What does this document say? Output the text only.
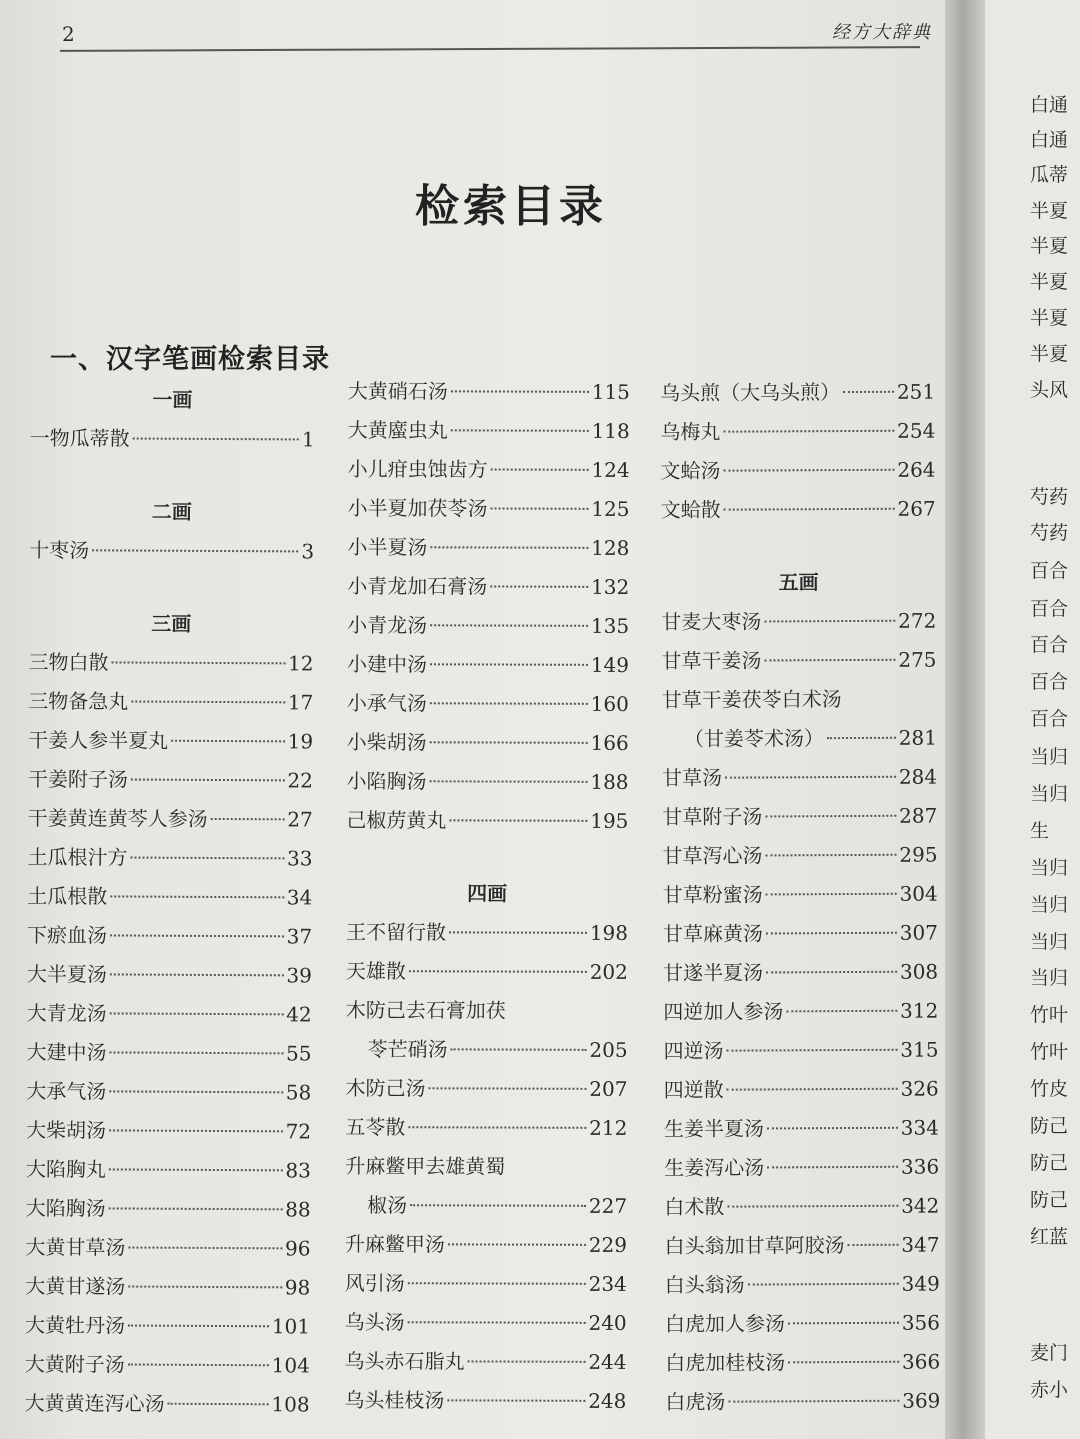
2	经方大辞典
检索目录
一、汉字笔画检索目录
一画
一物瓜蒂散	1
二画
十枣汤	3
三画
三物白散	12
三物备急丸	17
干姜人参半夏丸	19
干姜附子汤	22
干姜黄连黄芩人参汤	27
土瓜根汁方	33
土瓜根散	34
下瘀血汤	37
大半夏汤	39
大青龙汤	42
大建中汤	55
大承气汤	58
大柴胡汤	72
大陷胸丸	83
大陷胸汤	88
大黄甘草汤	96
大黄甘遂汤	98
大黄牡丹汤	101
大黄附子汤	104
大黄黄连泻心汤	108
大黄硝石汤	115
大黄䗪虫丸	118
小儿疳虫蚀齿方	124
小半夏加茯苓汤	125
小半夏汤	128
小青龙加石膏汤	132
小青龙汤	135
小建中汤	149
小承气汤	160
小柴胡汤	166
小陷胸汤	188
己椒苈黄丸	195
四画
王不留行散	198
天雄散	202
木防己去石膏加茯
苓芒硝汤	205
木防己汤	207
五苓散	212
升麻鳖甲去雄黄蜀
椒汤	227
升麻鳖甲汤	229
风引汤	234
乌头汤	240
乌头赤石脂丸	244
乌头桂枝汤	248
乌头煎（大乌头煎）	251
乌梅丸	254
文蛤汤	264
文蛤散	267
五画
甘麦大枣汤	272
甘草干姜汤	275
甘草干姜茯苓白术汤
（甘姜苓术汤）	281
甘草汤	284
甘草附子汤	287
甘草泻心汤	295
甘草粉蜜汤	304
甘草麻黄汤	307
甘遂半夏汤	308
四逆加人参汤	312
四逆汤	315
四逆散	326
生姜半夏汤	334
生姜泻心汤	336
白术散	342
白头翁加甘草阿胶汤	347
白头翁汤	349
白虎加人参汤	356
白虎加桂枝汤	366
白虎汤	369
白通
白通
瓜蒂
半夏
半夏
半夏
半夏
半夏
头风
芍药
芍药
百合
百合
百合
百合
百合
当归
当归
生
当归
当归
当归
当归
竹叶
竹叶
竹皮
防己
防己
防己
红蓝
麦门
赤小
